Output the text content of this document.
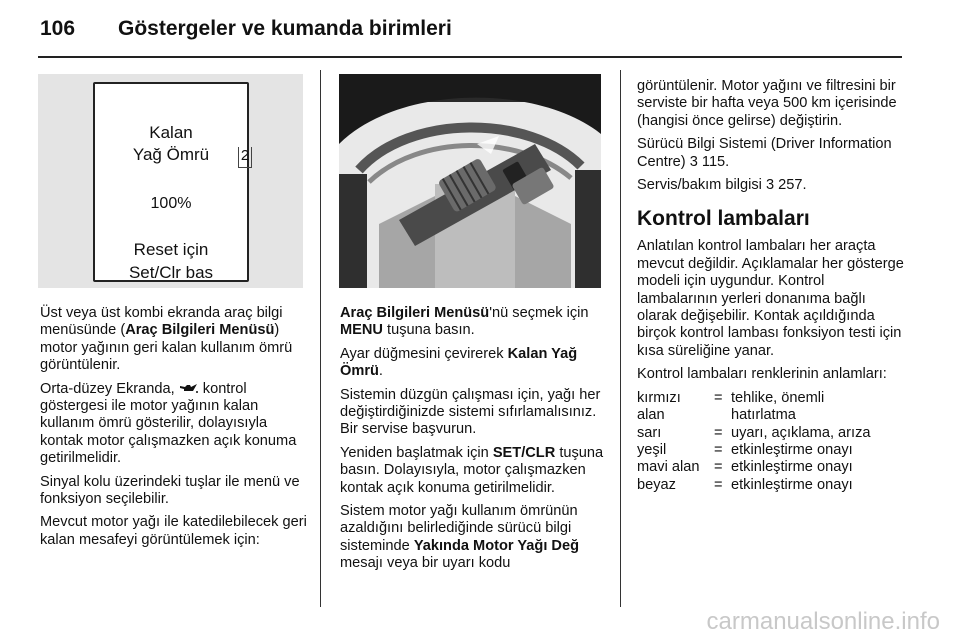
106 Göstergeler ve kumanda birimleri
Kalan
Yağ Ömrü
100%
Reset için
Set/Clr bas
2

Üst veya üst kombi ekranda araç bilgi menüsünde (Araç Bilgileri Menüsü) motor yağının geri kalan kullanım ömrü görüntülenir.

Orta-düzey Ekranda, kontrol göstergesi ile motor yağının kalan kullanım ömrü gösterilir, dolayısıyla kontak motor çalışmazken açık konuma getirilmelidir.

Sinyal kolu üzerindeki tuşlar ile menü ve fonksiyon seçilebilir.

Mevcut motor yağı ile katedilebilecek geri kalan mesafeyi görüntülemek için:

Araç Bilgileri Menüsü'nü seçmek için
MENU tuşuna basın.

Ayar düğmesini çevirerek Kalan Yağ Ömrü.

Sistemin düzgün çalışması için, yağı her değiştirdiğinizde sistemi sıfırlamalısınız. Bir servise başvurun.

Yeniden başlatmak için SET/CLR tuşuna basın. Dolayısıyla, motor çalışmazken kontak açık konuma getirilmelidir.

Sistem motor yağı kullanım ömrünün azaldığını belirlediğinde sürücü bilgi sisteminde Yakında Motor Yağı Değ mesajı veya bir uyarı kodu

görüntülenir. Motor yağını ve filtresini bir serviste bir hafta veya 500 km içerisinde (hangisi önce gelirse) değiştirin.

Sürücü Bilgi Sistemi (Driver Information Centre) 3 115.

Servis/bakım bilgisi 3 257.

Kontrol lambaları

Anlatılan kontrol lambaları her araçta mevcut değildir. Açıklamalar her gösterge modeli için uygundur. Kontrol lambalarının yerleri donanıma bağlı olarak değişebilir. Kontak açıldığında birçok kontrol lambası fonksiyon testi için kısa süreliğine yanar.

Kontrol lambaları renklerinin anlamları:

kırmızı	=	tehlike, önemli
alan		hatırlatma
sarı	=	uyarı, açıklama, arıza
yeşil	=	etkinleştirme onayı
mavi alan	=	etkinleştirme onayı
beyaz	=	etkinleştirme onayı
carmanualsonline.info
